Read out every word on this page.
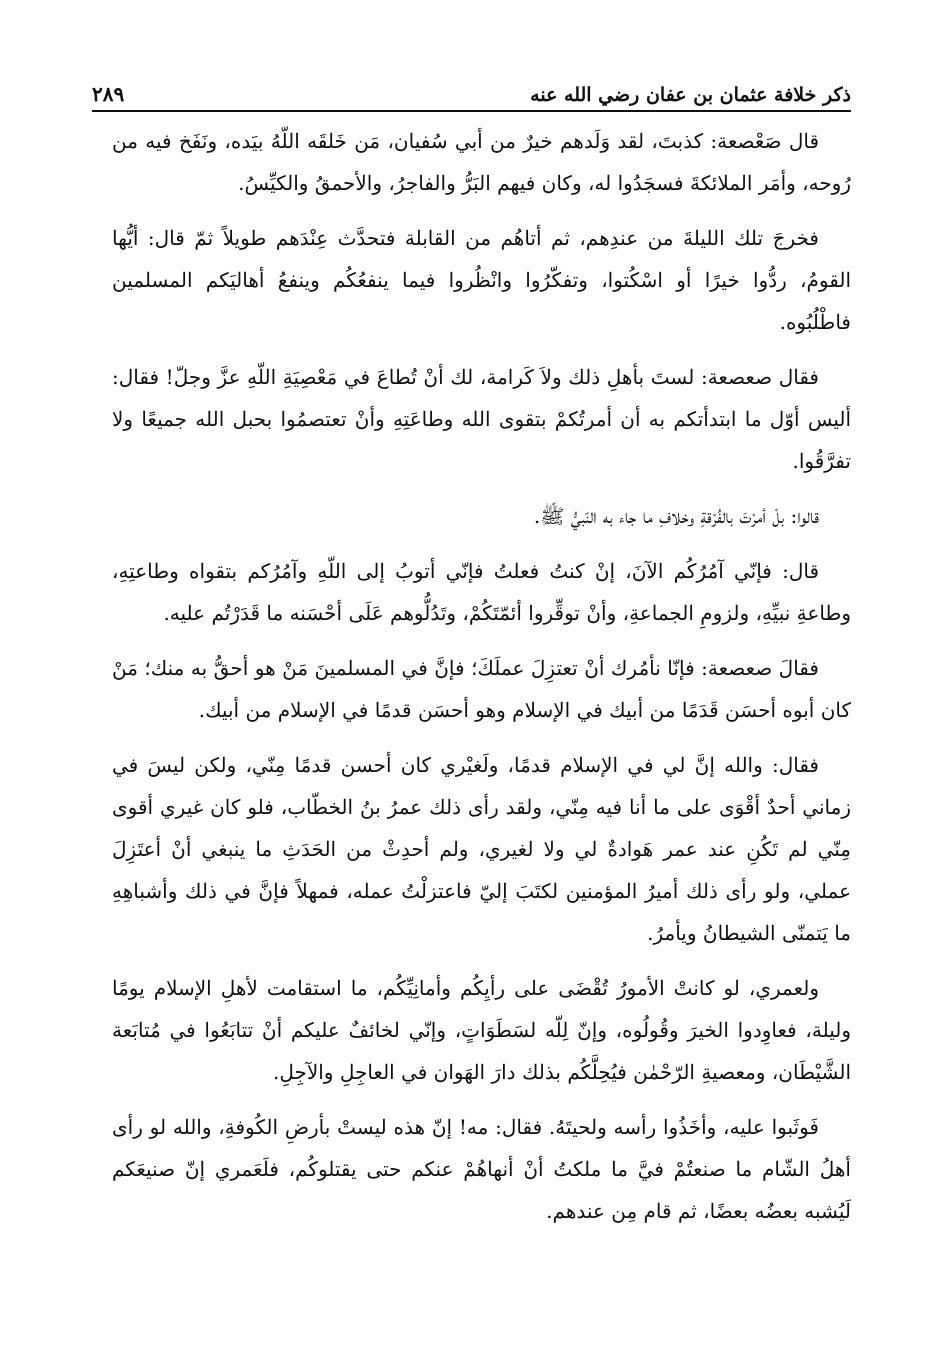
٢٨٩	ذكر خلافة عثمان بن عفان رضي الله عنه

قال صَعْصعة: كذبتَ، لقد وَلَدهم خيرٌ من أبي سُفيان، مَن خَلقَه اللّهُ بيَده، ونَفَخ فيه من رُوحه، وأمَر الملائكةَ فسجَدُوا له، وكان فيهم البَرُّ والفاجرُ، والأحمقُ والكيِّسُ.

فخرجَ تلك الليلةَ من عندِهم، ثم أتاهُم من القابلة فتحدَّث عِنْدَهم طويلاً ثمّ قال: أيُّها القومُ، ردُّوا خيرًا أو اسْكُتوا، وتفكّرُوا وانْظُروا فيما ينفعُكُم وينفعُ أهاليَكم المسلمين فاطْلُبُوه.

فقال صعصعة: لستَ بأهلِ ذلك ولاَ كَرامة، لك أنْ تُطاعَ في مَعْصِيَةِ اللّهِ عزَّ وجلّ! فقال: أليس أوّل ما ابتدأتكم به أن أمرتُكمْ بتقوى الله وطاعَتِهِ وأنْ تعتصمُوا بحبل الله جميعًا ولا تفرَّقُوا.

قالوا: بلْ أمرْتَ بالفُرْقةِ وخلافِ ما جاء به النّبيُّ ﷺ.

قال: فإنّي آمُرُكُم الآنَ، إنْ كنتُ فعلتُ فإنّي أتوبُ إلى اللّهِ وآمُرُكم بتقواه وطاعتِهِ، وطاعةِ نبيِّهِ، ولزومِ الجماعةِ، وأنْ توقِّروا أئمّتَكُمْ، وتَدُلُّوهم عَلَى أحْسَنه ما قَدَرْتُم عليه.

فقالَ صعصعة: فإنّا نأمُرك أنْ تعتزِلَ عملَكَ؛ فإنَّ في المسلمينَ مَنْ هو أحقُّ به منك؛ مَنْ كان أبوه أحسَن قَدَمًا من أبيك في الإسلام وهو أحسَن قدمًا في الإسلام من أبيك.

فقال: والله إنَّ لي في الإسلام قدمًا، ولَغيْري كان أحسن قدمًا مِنّي، ولكن ليسَ في زماني أحدٌ أقْوَى على ما أنا فيه مِنّي، ولقد رأى ذلك عمرُ بنُ الخطّاب، فلو كان غيري أقوى مِنّي لم تَكُنِ عند عمر هَوادةٌ لي ولا لغيري، ولم أحدِثْ من الحَدَثِ ما ينبغي أنْ أعتَزِلَ عملي، ولو رأى ذلك أميرُ المؤمنين لكتَبَ إليّ فاعتزلْتُ عمله، فمهلاً فإنَّ في ذلك وأشباهِهِ ما يَتمنّى الشيطانُ ويأمرُ.

ولعمري، لو كانتْ الأمورُ تُقْضَى على رأيِكُم وأمانِيِّكُم، ما استقامت لأهلِ الإسلام يومًا وليلة، فعاوِدوا الخيرَ وقُولُوه، وإنّ لِلّه لسَطَوَاتٍ، وإنّي لخائفٌ عليكم أنْ تتابَعُوا في مُتابَعة الشَّيْطَان، ومعصيةِ الرّحْمٰن فيُحِلَّكُم بذلك دارَ الهَوان في العاجِلِ والآجِلِ.

فَوثَبوا عليه، وأخَذُوا رأسه ولحيتَهُ. فقال: مه! إنّ هذه ليستْ بأرضِ الكُوفةِ، والله لو رأى أهلُ الشّام ما صنعتُمْ فيَّ ما ملكتُ أنْ أنهاهُمْ عنكم حتى يقتلوكُم، فلَعَمري إنّ صنيعَكم لَيُشبه بعضُه بعضًا، ثم قام مِن عندهم.
